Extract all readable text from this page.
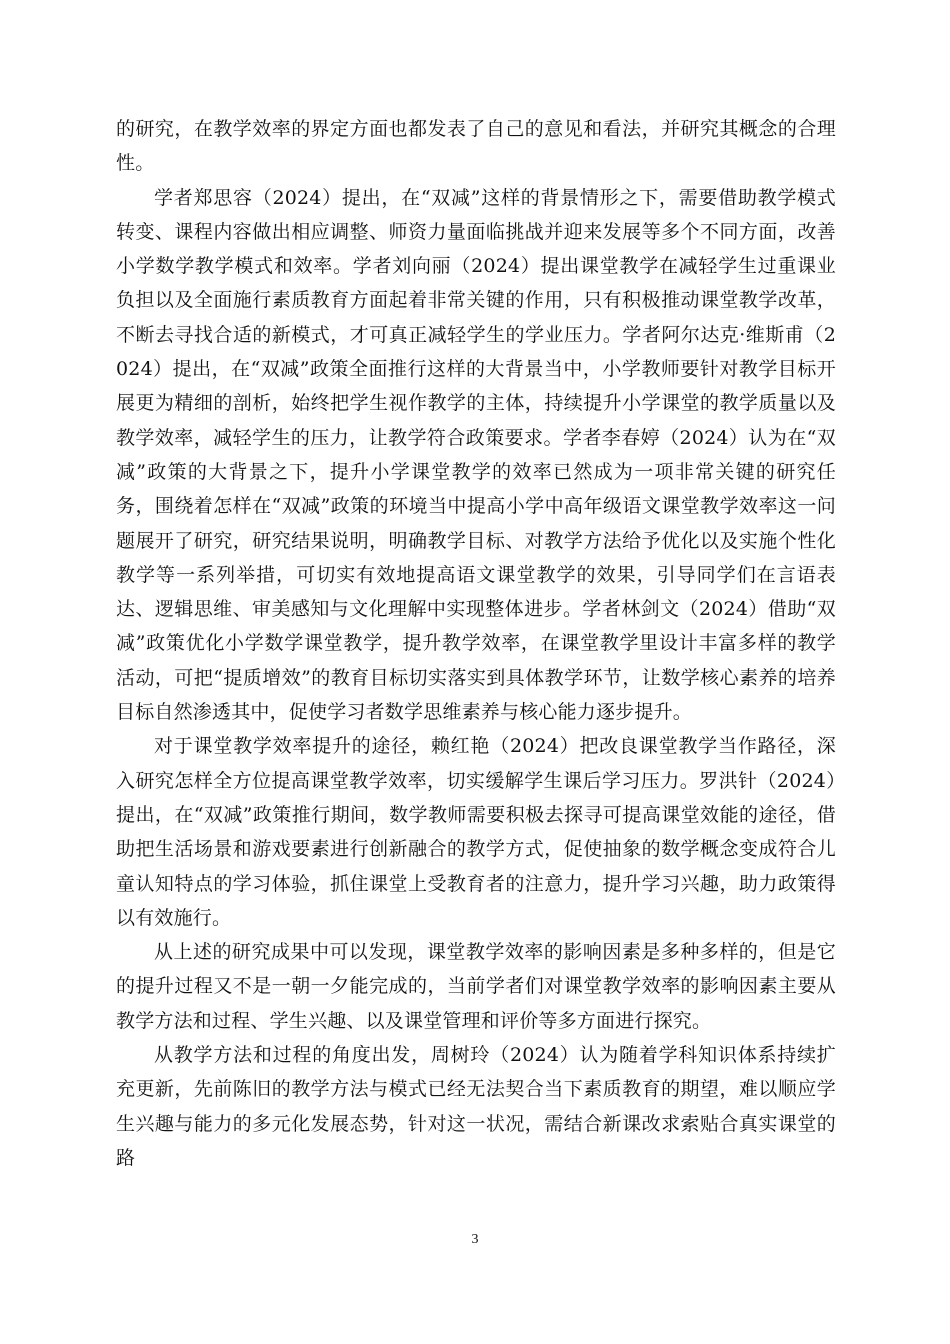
的研究，在教学效率的界定方面也都发表了自己的意见和看法，并研究其概念的合理性。

学者郑思容（2024）提出，在“双减”这样的背景情形之下，需要借助教学模式转变、课程内容做出相应调整、师资力量面临挑战并迎来发展等多个不同方面，改善小学数学教学模式和效率。学者刘向丽（2024）提出课堂教学在减轻学生过重课业负担以及全面施行素质教育方面起着非常关键的作用，只有积极推动课堂教学改革，不断去寻找合适的新模式，才可真正减轻学生的学业压力。学者阿尔达克·维斯甫（2024）提出，在“双减”政策全面推行这样的大背景当中，小学教师要针对教学目标开展更为精细的剖析，始终把学生视作教学的主体，持续提升小学课堂的教学质量以及教学效率，减轻学生的压力，让教学符合政策要求。学者李春婷（2024）认为在“双减”政策的大背景之下，提升小学课堂教学的效率已然成为一项非常关键的研究任务，围绕着怎样在“双减”政策的环境当中提高小学中高年级语文课堂教学效率这一问题展开了研究，研究结果说明，明确教学目标、对教学方法给予优化以及实施个性化教学等一系列举措，可切实有效地提高语文课堂教学的效果，引导同学们在言语表达、逻辑思维、审美感知与文化理解中实现整体进步。学者林剑文（2024）借助“双减”政策优化小学数学课堂教学，提升教学效率，在课堂教学里设计丰富多样的教学活动，可把“提质增效”的教育目标切实落实到具体教学环节，让数学核心素养的培养目标自然渗透其中，促使学习者数学思维素养与核心能力逐步提升。

对于课堂教学效率提升的途径，赖红艳（2024）把改良课堂教学当作路径，深入研究怎样全方位提高课堂教学效率，切实缓解学生课后学习压力。罗洪针（2024）提出，在“双减”政策推行期间，数学教师需要积极去探寻可提高课堂效能的途径，借助把生活场景和游戏要素进行创新融合的教学方式，促使抽象的数学概念变成符合儿童认知特点的学习体验，抓住课堂上受教育者的注意力，提升学习兴趣，助力政策得以有效施行。

从上述的研究成果中可以发现，课堂教学效率的影响因素是多种多样的，但是它的提升过程又不是一朝一夕能完成的，当前学者们对课堂教学效率的影响因素主要从教学方法和过程、学生兴趣、以及课堂管理和评价等多方面进行探究。

从教学方法和过程的角度出发，周树玲（2024）认为随着学科知识体系持续扩充更新，先前陈旧的教学方法与模式已经无法契合当下素质教育的期望，难以顺应学生兴趣与能力的多元化发展态势，针对这一状况，需结合新课改求索贴合真实课堂的路

3
